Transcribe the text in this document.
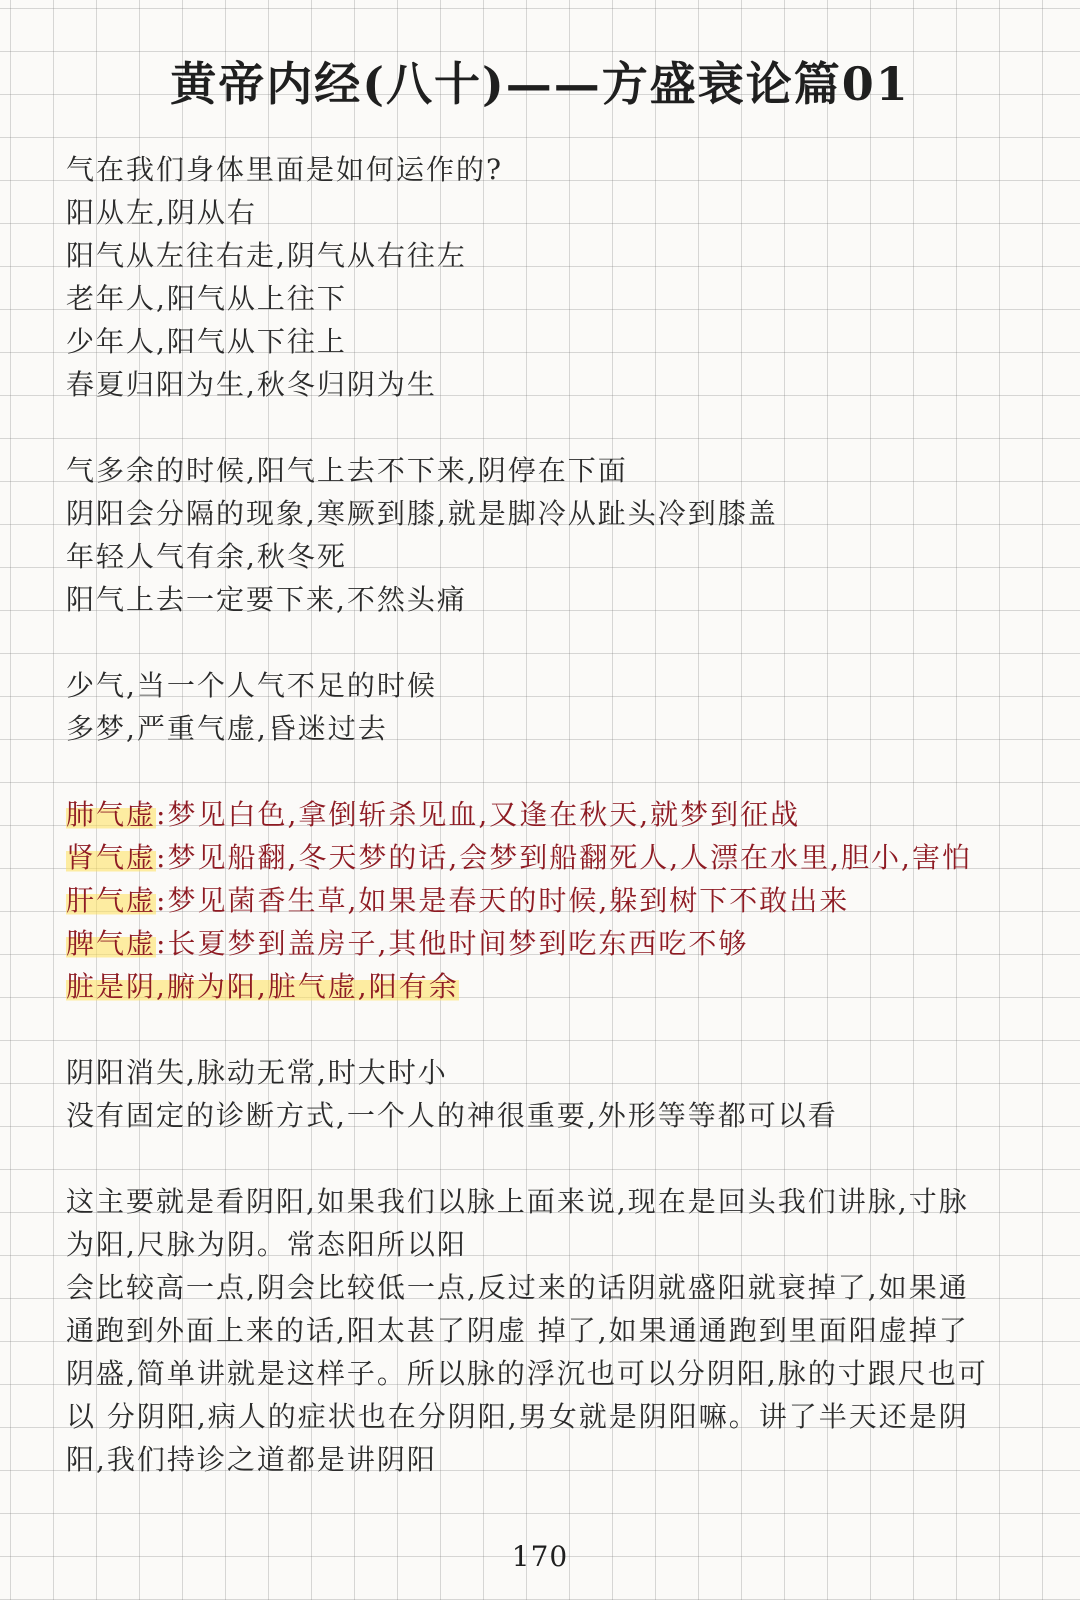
黄帝内经(八十)——方盛衰论篇01
气在我们身体里面是如何运作的?
阳从左,阴从右
阳气从左往右走,阴气从右往左
老年人,阳气从上往下
少年人,阳气从下往上
春夏归阳为生,秋冬归阴为生
气多余的时候,阳气上去不下来,阴停在下面
阴阳会分隔的现象,寒厥到膝,就是脚冷从趾头冷到膝盖
年轻人气有余,秋冬死
阳气上去一定要下来,不然头痛
少气,当一个人气不足的时候
多梦,严重气虚,昏迷过去
肺气虚:梦见白色,拿倒斩杀见血,又逢在秋天,就梦到征战
肾气虚:梦见船翻,冬天梦的话,会梦到船翻死人,人漂在水里,胆小,害怕
肝气虚:梦见菌香生草,如果是春天的时候,躲到树下不敢出来
脾气虚:长夏梦到盖房子,其他时间梦到吃东西吃不够
脏是阴,腑为阳,脏气虚,阳有余
阴阳消失,脉动无常,时大时小
没有固定的诊断方式,一个人的神很重要,外形等等都可以看
这主要就是看阴阳,如果我们以脉上面来说,现在是回头我们讲脉,寸脉
为阳,尺脉为阴。常态阳所以阳
会比较高一点,阴会比较低一点,反过来的话阴就盛阳就衰掉了,如果通
通跑到外面上来的话,阳太甚了阴虚 掉了,如果通通跑到里面阳虚掉了
阴盛,简单讲就是这样子。所以脉的浮沉也可以分阴阳,脉的寸跟尺也可
以 分阴阳,病人的症状也在分阴阳,男女就是阴阳嘛。讲了半天还是阴
阳,我们持诊之道都是讲阴阳
170
